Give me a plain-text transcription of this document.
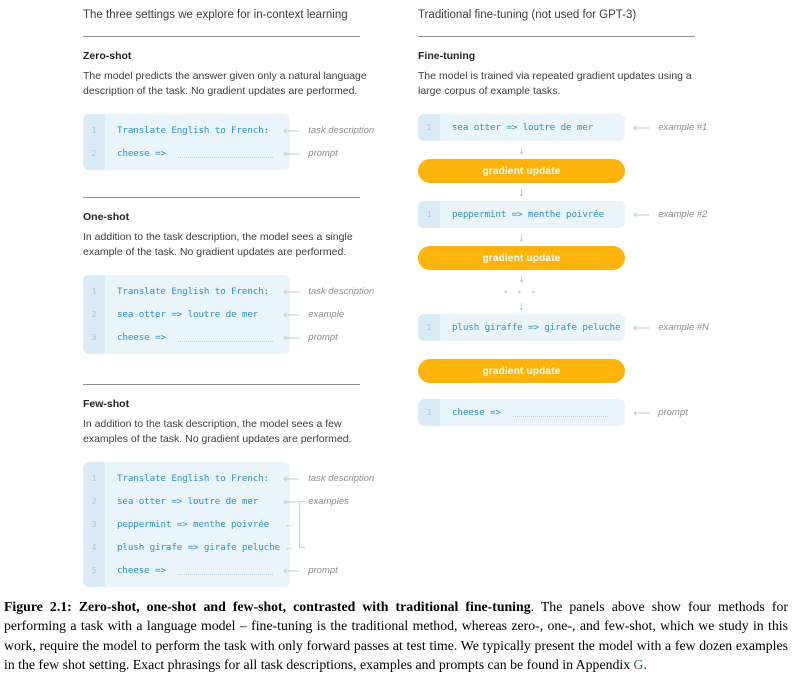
The three settings we explore for in-context learning
Zero-shot
The model predicts the answer given only a natural language description of the task. No gradient updates are performed.
1	Translate English to French: ⟵ task description
2	cheese =>	⟵ prompt
One-shot
In addition to the task description, the model sees a single example of the task. No gradient updates are performed.
1	Translate English to French: ⟵ task description
2	sea otter => loutre de mer ⟵ example
3	cheese =>	⟵ prompt
Few-shot
In addition to the task description, the model sees a few examples of the task. No gradient updates are performed.
1	Translate English to French: ⟵ task description
2	sea otter => loutre de mer ⟵ examples
3	peppermint => menthe poivrée ←
4	plush girafe => girafe peluche ←
5	cheese =>	⟵ prompt
Traditional fine-tuning (not used for GPT-3)
Fine-tuning
The model is trained via repeated gradient updates using a large corpus of example tasks.
1	sea otter => loutre de mer	⟵ example #1
↓
gradient update
↓
1	peppermint => menthe poivrée ⟵ example #2
↓
gradient update
↓
• • •
↓
1	plush giraffe => girafe peluche ⟵ example #N
gradient update
1	cheese =>	⟵ prompt
Figure 2.1: Zero-shot, one-shot and few-shot, contrasted with traditional fine-tuning. The panels above show four methods for performing a task with a language model – fine-tuning is the traditional method, whereas zero-, one-, and few-shot, which we study in this work, require the model to perform the task with only forward passes at test time. We typically present the model with a few dozen examples in the few shot setting. Exact phrasings for all task descriptions, examples and prompts can be found in Appendix G.
